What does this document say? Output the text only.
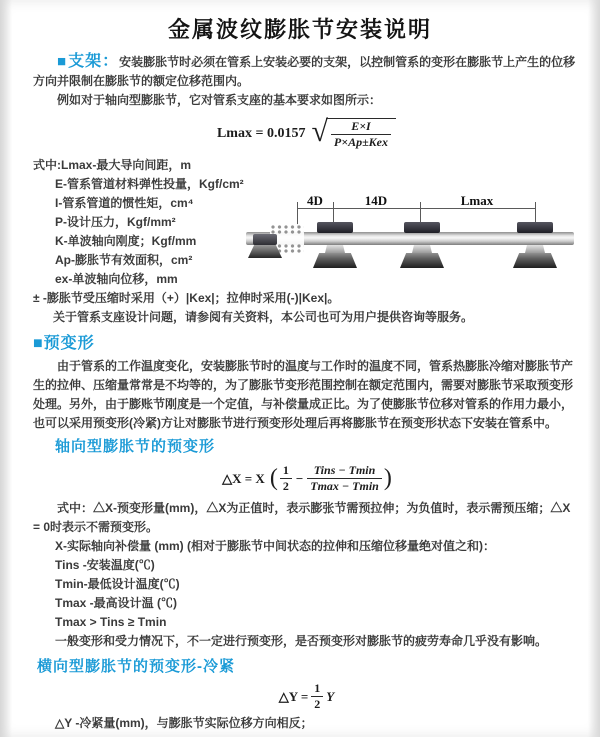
金属波纹膨胀节安装说明

■支架：安装膨胀节时必须在管系上安装必要的支架，以控制管系的变形在膨胀节上产生的位移方向并限制在膨胀节的额定位移范围内。

例如对于轴向型膨胀节，它对管系支座的基本要求如图所示：

Lmax = 0.0157 √ $\frac{E\times I}{\text{P×Ap±Kex}}$

式中:Lmax-最大导向间距，m

E-管系管道材料弹性投量，Kgf/cm²

I-管系管道的惯性矩，cm⁴

P-设计压力，Kgf/mm²

K-单波轴向刚度；Kgf/mm

Ap-膨胀节有效面积，cm²

ex-单波轴向位移，mm

± -膨胀节受压缩时采用（+）|Kex|；拉伸时采用(-)|Kex|。

关于管系支座设计问题，请参阅有关资料，本公司也可为用户提供咨询等服务。

■预变形

由于管系的工作温度变化，安装膨胀节时的温度与工作时的温度不同，管系热膨胀冷缩对膨胀节产生的拉伸、压缩量常常是不均等的，为了膨胀节变形范围控制在额定范围内，需要对膨胀节采取预变形处理。另外，由于膨账节刚度是一个定值，与补偿量成正比。为了使膨胀节位移对管系的作用力最小，也可以采用预变形(冷紧)方让对膨胀节进行预变形处理后再将膨胀节在预变形状态下安装在管系中。

轴向型膨胀节的预变形
△X = X ( $\frac{1}{2} - \frac{\text{Tins − Tmin}}{Tmax - Tmin}$ )

式中：△X-预变形量(mm)，△X为正值时，表示膨张节需预拉伸；为负值时，表示需预压缩；△X = 0时表示不需预变形。

X-实际轴向补偿量 (mm) (相对于膨胀节中间状态的拉伸和压缩位移量绝对值之和)：

Tins -安装温度(℃)

Tmin-最低设计温度(℃)

Tmax -最高设计温 (℃)

Tmax > Tins ≥ Tmin

一般变形和受力情况下，不一定进行预变形，是否预变形对膨胀节的疲劳寿命几乎没有影响。

横向型膨胀节的预变形-冷紧
△Y = $\frac{1}{2}$ Y

△Y -冷紧量(mm)，与膨胀节实际位移方向相反；

4D	14D	Lmax
